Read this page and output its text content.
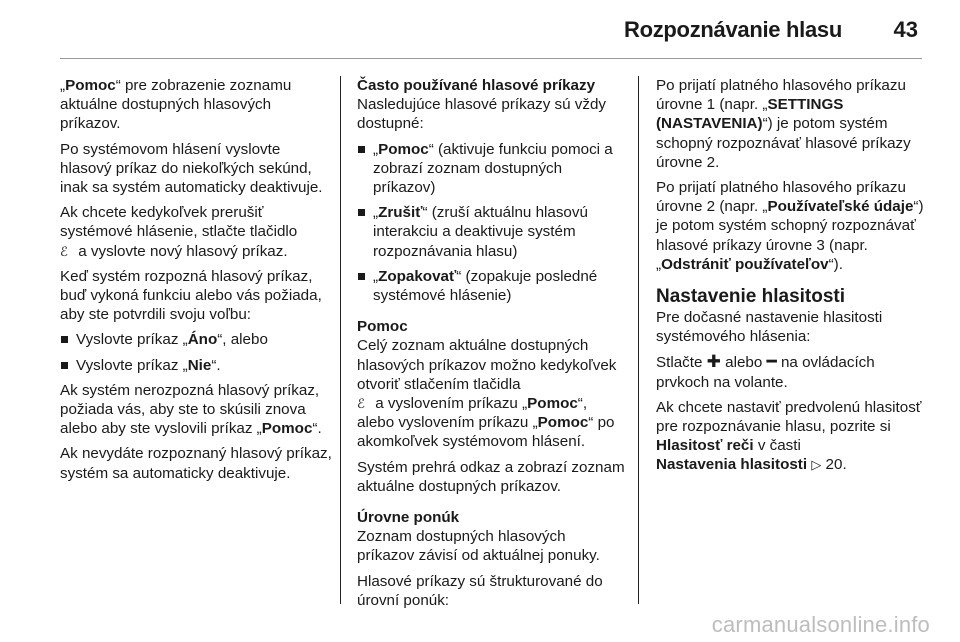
Rozpoznávanie hlasu 43

„Pomoc“ pre zobrazenie zoznamu aktuálne dostupných hlasových príkazov.

Po systémovom hlásení vyslovte hlasový príkaz do niekoľkých sekúnd, inak sa systém automaticky deaktivuje.

Ak chcete kedykoľvek prerušiť systémové hlásenie, stlačte tlačidlo
ℰ a vyslovte nový hlasový príkaz.

Keď systém rozpozná hlasový príkaz, buď vykoná funkciu alebo vás požiada, aby ste potvrdili svoju voľbu:

Vyslovte príkaz „Áno“, alebo
Vyslovte príkaz „Nie“.

Ak systém nerozpozná hlasový príkaz, požiada vás, aby ste to skúsili znova alebo aby ste vyslovili príkaz „Pomoc“.

Ak nevydáte rozpoznaný hlasový príkaz, systém sa automaticky deaktivuje.

Často používané hlasové príkazy

Nasledujúce hlasové príkazy sú vždy dostupné:

„Pomoc“ (aktivuje funkciu pomoci a zobrazí zoznam dostupných príkazov)
„Zrušiť“ (zruší aktuálnu hlasovú interakciu a deaktivuje systém rozpoznávania hlasu)
„Zopakovať“ (zopakuje posledné systémové hlásenie)

Pomoc

Celý zoznam aktuálne dostupných hlasových príkazov možno kedykoľvek otvoriť stlačením tlačidla
ℰ a vyslovením príkazu „Pomoc“, alebo vyslovením príkazu „Pomoc“ po akomkoľvek systémovom hlásení.

Systém prehrá odkaz a zobrazí zoznam aktuálne dostupných príkazov.

Úrovne ponúk

Zoznam dostupných hlasových príkazov závisí od aktuálnej ponuky.

Hlasové príkazy sú štrukturované do úrovní ponúk:

Po prijatí platného hlasového príkazu úrovne 1 (napr. „SETTINGS (NASTAVENIA)“) je potom systém schopný rozpoznávať hlasové príkazy úrovne 2.

Po prijatí platného hlasového príkazu úrovne 2 (napr. „Používateľské údaje“) je potom systém schopný rozpoznávať hlasové príkazy úrovne 3 (napr. „Odstrániť používateľov“).

Nastavenie hlasitosti

Pre dočasné nastavenie hlasitosti systémového hlásenia:

Stlačte ✚ alebo ━ na ovládacích prvkoch na volante.

Ak chcete nastaviť predvolenú hlasitosť pre rozpoznávanie hlasu, pozrite si Hlasitosť reči v časti
Nastavenia hlasitosti ▷ 20.

carmanualsonline.info
